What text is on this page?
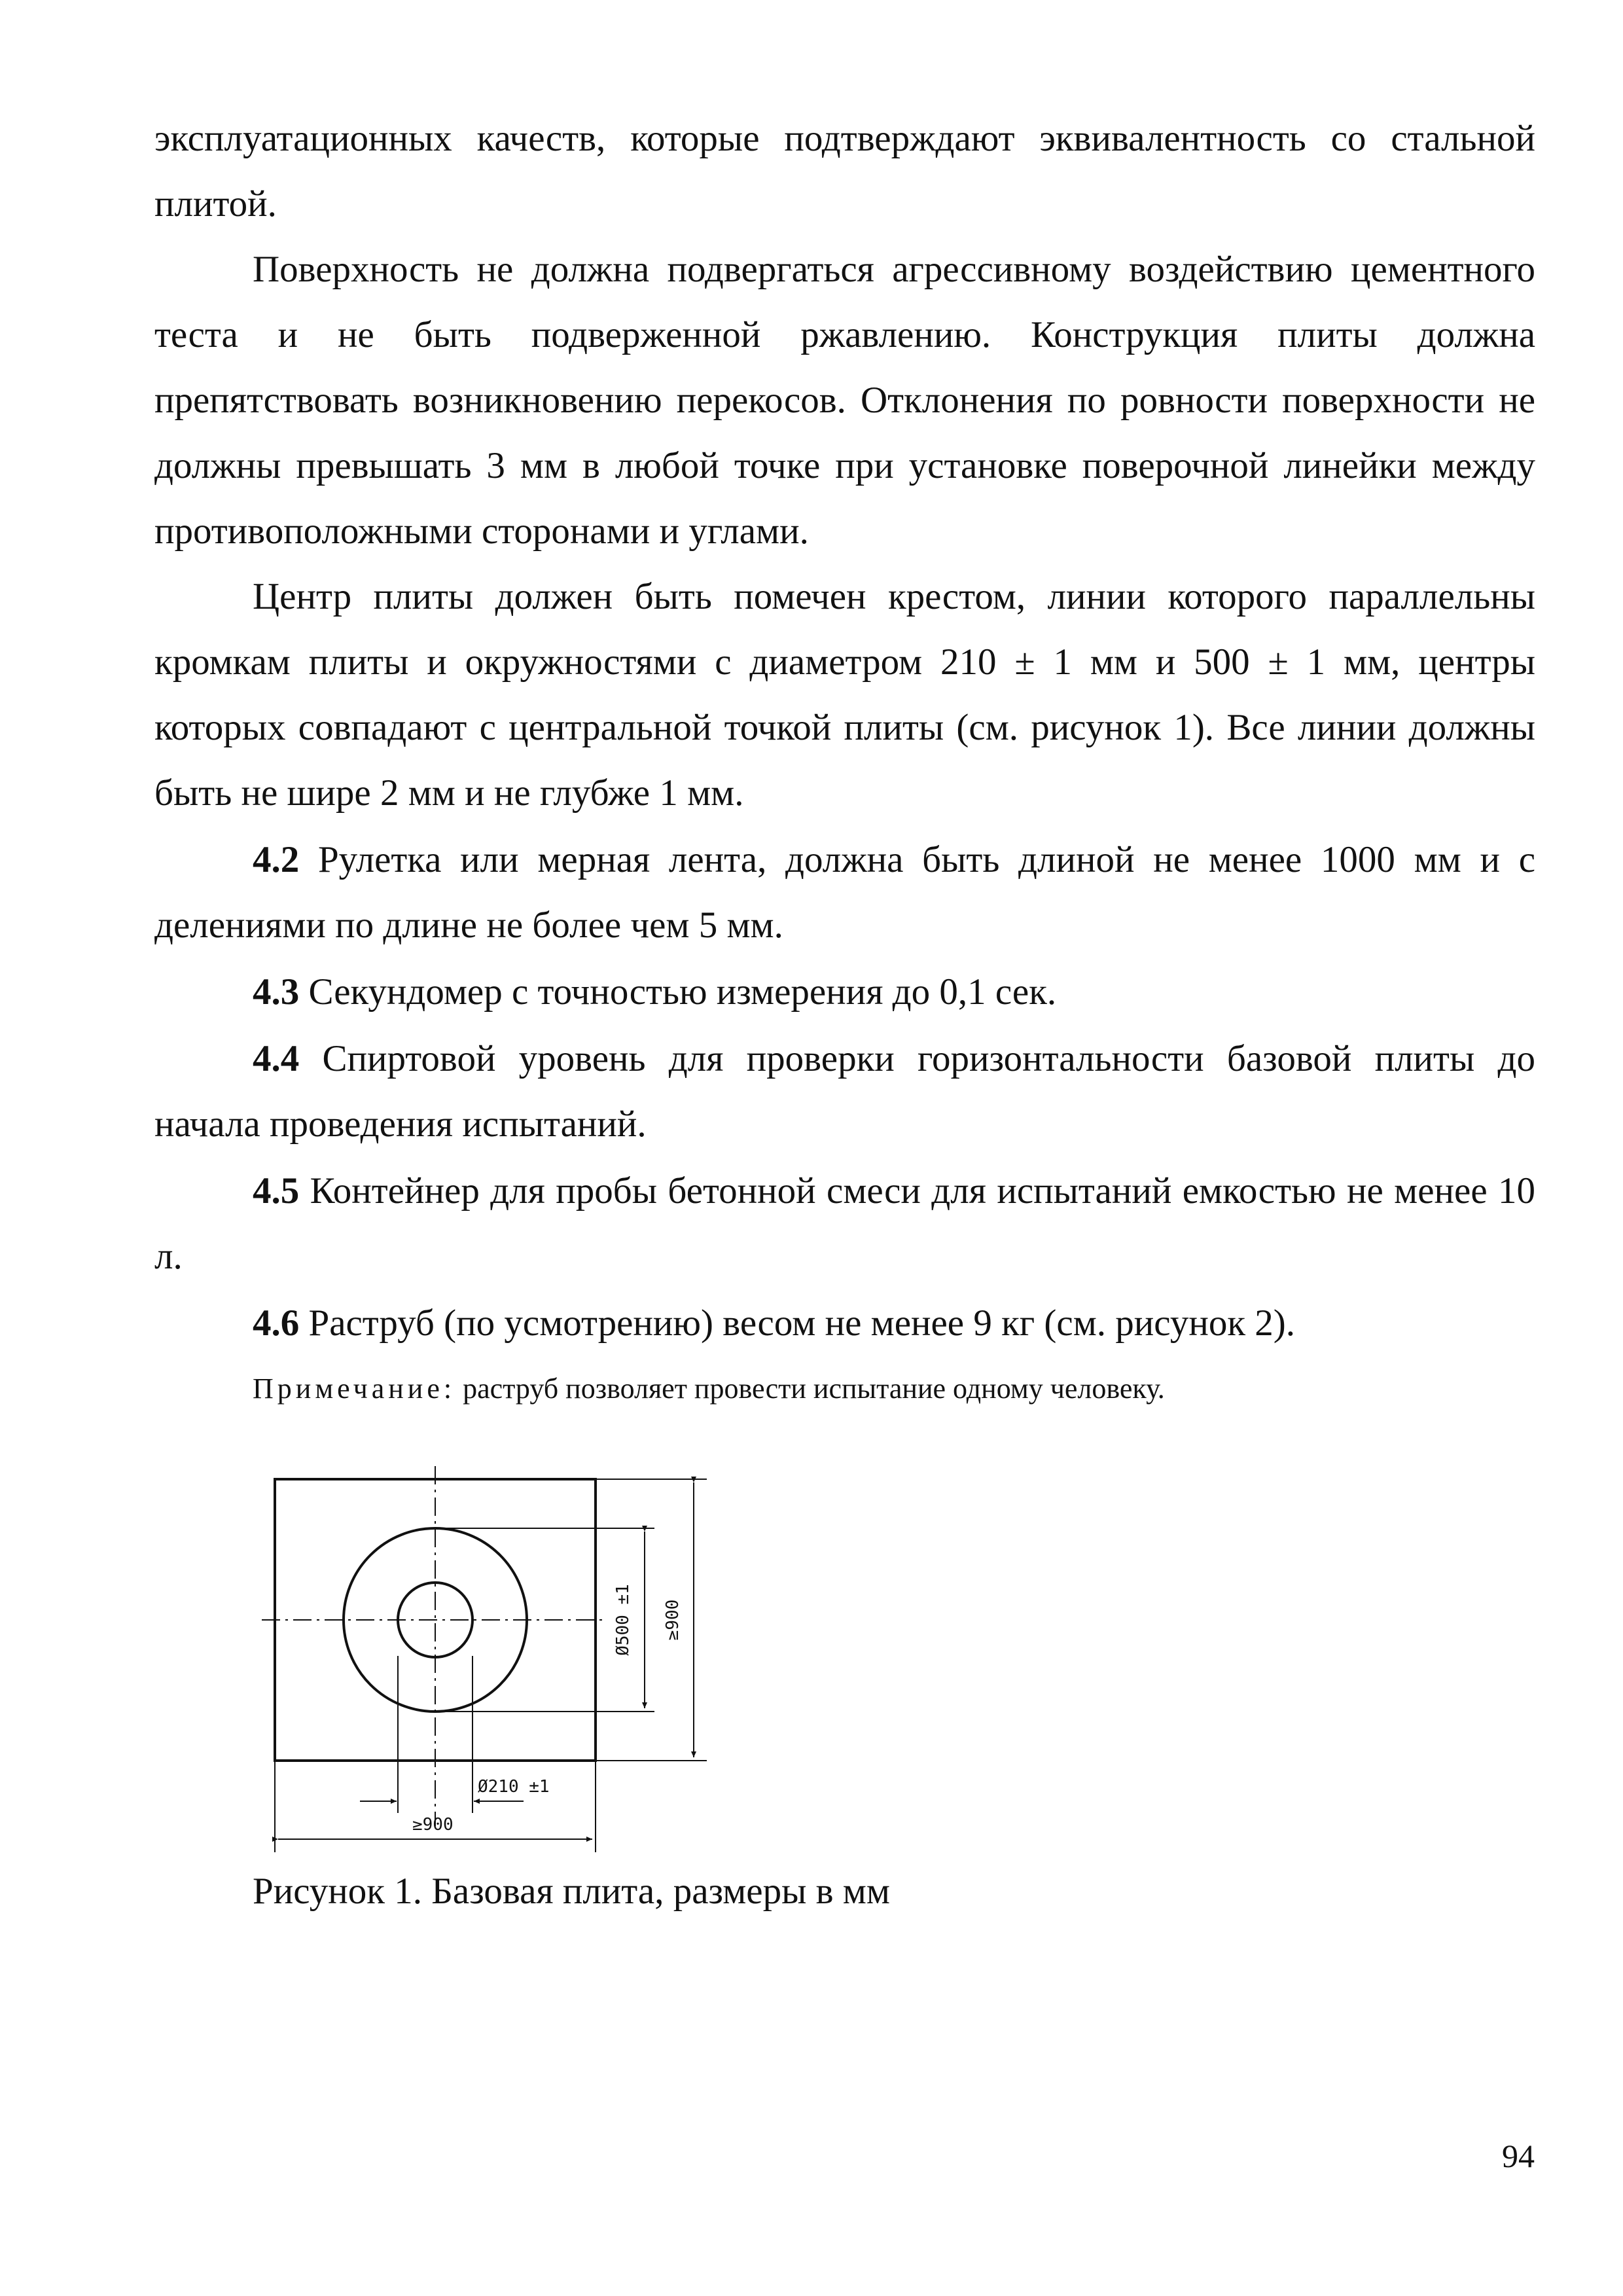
эксплуатационных качеств, которые подтверждают эквивалентность со стальной плитой.

Поверхность не должна подвергаться агрессивному воздействию цементного теста и не быть подверженной ржавлению. Конструкция плиты должна препятствовать возникновению перекосов. Отклонения по ровности поверхности не должны превышать 3 мм в любой точке при установке поверочной линейки между противоположными сторонами и углами.

Центр плиты должен быть помечен крестом, линии которого параллельны кромкам плиты и окружностями с диаметром 210 ± 1 мм и 500 ± 1 мм, центры которых совпадают с центральной точкой плиты (см. рисунок 1). Все линии должны быть не шире 2 мм и не глубже 1 мм.

4.2 Рулетка или мерная лента, должна быть длиной не менее 1000 мм и с делениями по длине не более чем 5 мм.

4.3 Секундомер с точностью измерения до 0,1 сек.

4.4 Спиртовой уровень для проверки горизонтальности базовой плиты до начала проведения испытаний.

4.5 Контейнер для пробы бетонной смеси для испытаний емкостью не менее 10 л.

4.6 Раструб (по усмотрению) весом не менее 9 кг (см. рисунок 2).

Примечание: раструб позволяет провести испытание одному человеку.
Ø500 ±1 ≥900
Ø210 ±1
≥900
Рисунок 1. Базовая плита, размеры в мм
94
